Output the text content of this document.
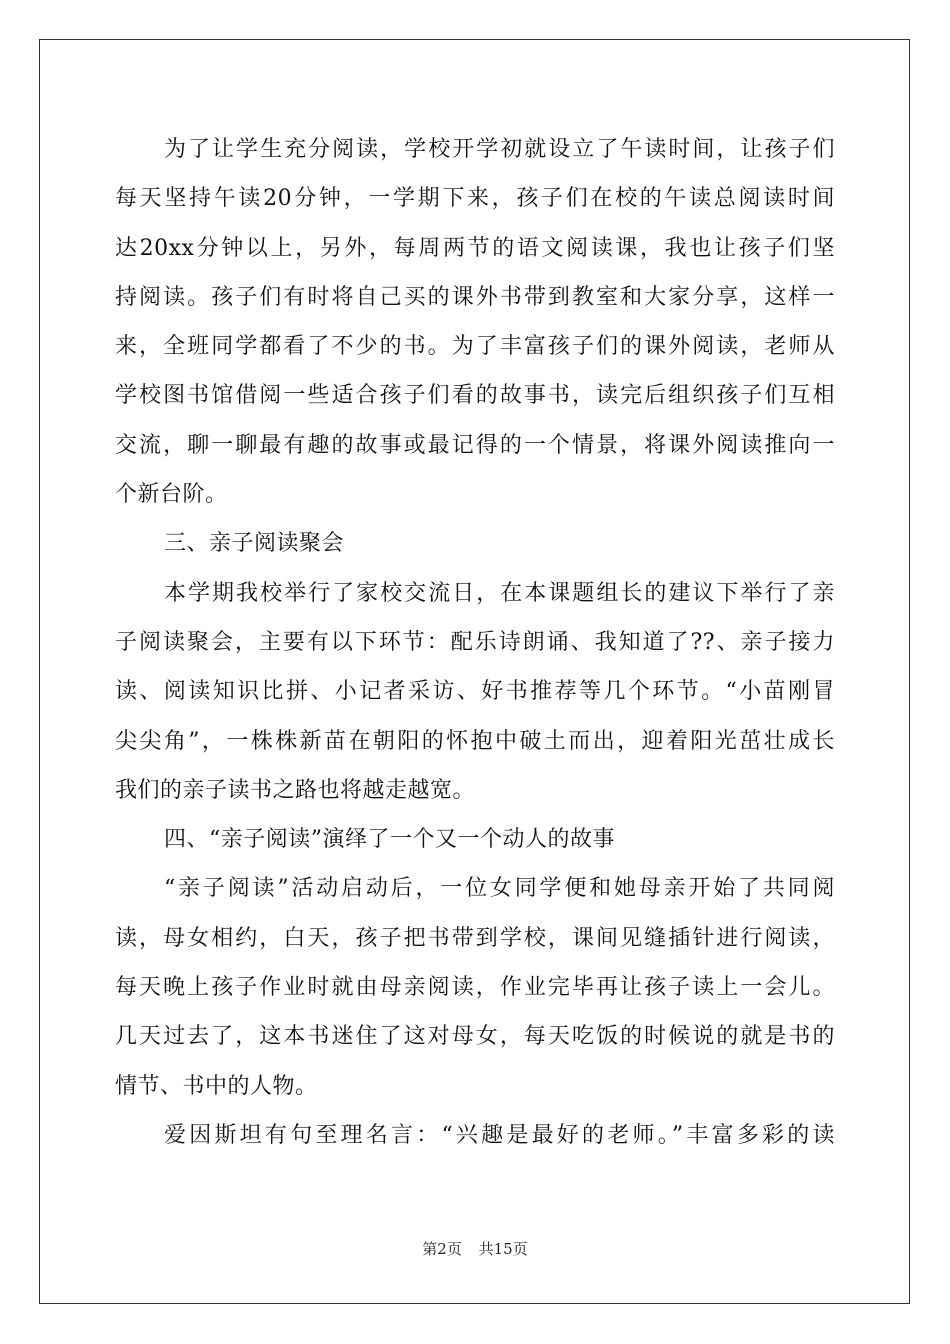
为了让学生充分阅读，学校开学初就设立了午读时间，让孩子们
每天坚持午读20分钟，一学期下来，孩子们在校的午读总阅读时间
达20xx分钟以上，另外，每周两节的语文阅读课，我也让孩子们坚
持阅读。孩子们有时将自己买的课外书带到教室和大家分享，这样一
来，全班同学都看了不少的书。为了丰富孩子们的课外阅读，老师从
学校图书馆借阅一些适合孩子们看的故事书，读完后组织孩子们互相
交流，聊一聊最有趣的故事或最记得的一个情景，将课外阅读推向一
个新台阶。
三、亲子阅读聚会
本学期我校举行了家校交流日，在本课题组长的建议下举行了亲
子阅读聚会，主要有以下环节：配乐诗朗诵、我知道了??、亲子接力
读、阅读知识比拼、小记者采访、好书推荐等几个环节。“小苗刚冒
尖尖角”，一株株新苗在朝阳的怀抱中破土而出，迎着阳光茁壮成长
我们的亲子读书之路也将越走越宽。
四、“亲子阅读”演绎了一个又一个动人的故事
“亲子阅读”活动启动后，一位女同学便和她母亲开始了共同阅
读，母女相约，白天，孩子把书带到学校，课间见缝插针进行阅读，
每天晚上孩子作业时就由母亲阅读，作业完毕再让孩子读上一会儿。
几天过去了，这本书迷住了这对母女，每天吃饭的时候说的就是书的
情节、书中的人物。
爱因斯坦有句至理名言：“兴趣是最好的老师。”丰富多彩的读
第2页 共15页
